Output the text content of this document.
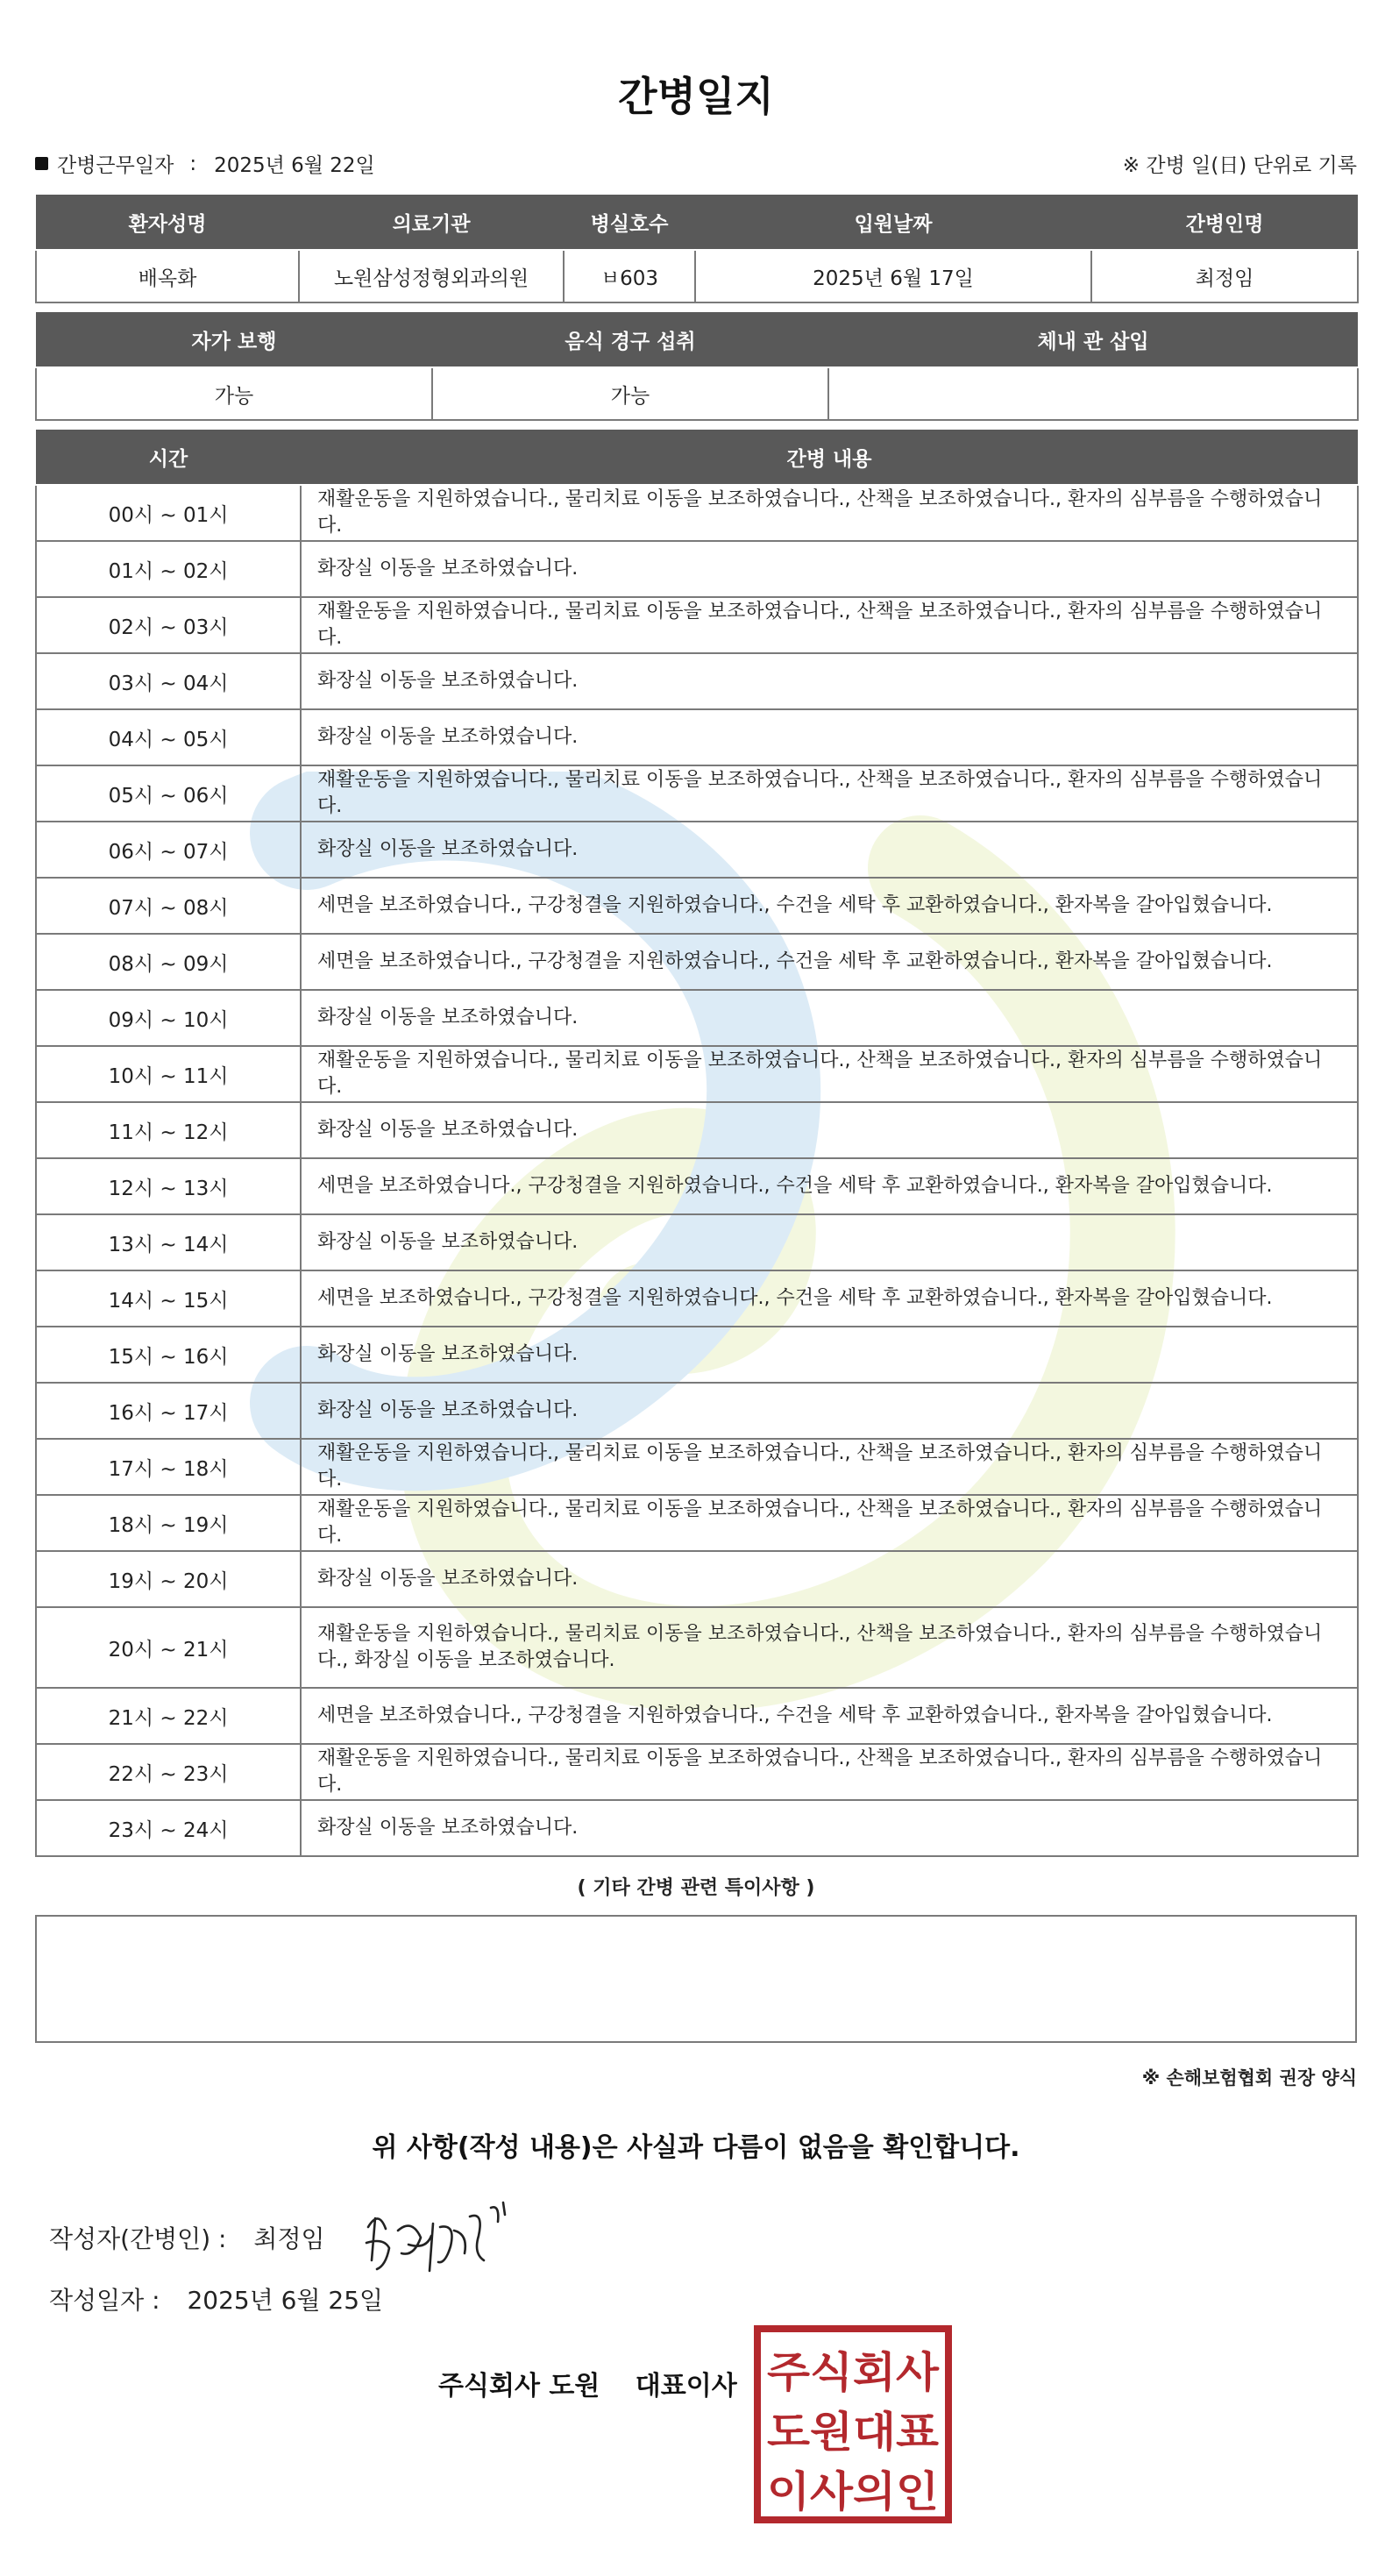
간병일지
간병근무일자 : 2025년 6월 22일	※ 간병 일(日) 단위로 기록
환자성명	의료기관	병실호수	입원날짜	간병인명
배옥화	노원삼성정형외과의원	ㅂ603	2025년 6월 17일	최정임
자가 보행	음식 경구 섭취	체내 관 삽입
가능	가능	
시간	간병 내용
00시 ~ 01시	재활운동을 지원하였습니다., 물리치료 이동을 보조하였습니다., 산책을 보조하였습니다., 환자의 심부름을 수행하였습니다.
01시 ~ 02시	화장실 이동을 보조하였습니다.
02시 ~ 03시	재활운동을 지원하였습니다., 물리치료 이동을 보조하였습니다., 산책을 보조하였습니다., 환자의 심부름을 수행하였습니다.
03시 ~ 04시	화장실 이동을 보조하였습니다.
04시 ~ 05시	화장실 이동을 보조하였습니다.
05시 ~ 06시	재활운동을 지원하였습니다., 물리치료 이동을 보조하였습니다., 산책을 보조하였습니다., 환자의 심부름을 수행하였습니다.
06시 ~ 07시	화장실 이동을 보조하였습니다.
07시 ~ 08시	세면을 보조하였습니다., 구강청결을 지원하였습니다., 수건을 세탁 후 교환하였습니다., 환자복을 갈아입혔습니다.
08시 ~ 09시	세면을 보조하였습니다., 구강청결을 지원하였습니다., 수건을 세탁 후 교환하였습니다., 환자복을 갈아입혔습니다.
09시 ~ 10시	화장실 이동을 보조하였습니다.
10시 ~ 11시	재활운동을 지원하였습니다., 물리치료 이동을 보조하였습니다., 산책을 보조하였습니다., 환자의 심부름을 수행하였습니다.
11시 ~ 12시	화장실 이동을 보조하였습니다.
12시 ~ 13시	세면을 보조하였습니다., 구강청결을 지원하였습니다., 수건을 세탁 후 교환하였습니다., 환자복을 갈아입혔습니다.
13시 ~ 14시	화장실 이동을 보조하였습니다.
14시 ~ 15시	세면을 보조하였습니다., 구강청결을 지원하였습니다., 수건을 세탁 후 교환하였습니다., 환자복을 갈아입혔습니다.
15시 ~ 16시	화장실 이동을 보조하였습니다.
16시 ~ 17시	화장실 이동을 보조하였습니다.
17시 ~ 18시	재활운동을 지원하였습니다., 물리치료 이동을 보조하였습니다., 산책을 보조하였습니다., 환자의 심부름을 수행하였습니다.
18시 ~ 19시	재활운동을 지원하였습니다., 물리치료 이동을 보조하였습니다., 산책을 보조하였습니다., 환자의 심부름을 수행하였습니다.
19시 ~ 20시	화장실 이동을 보조하였습니다.
20시 ~ 21시	재활운동을 지원하였습니다., 물리치료 이동을 보조하였습니다., 산책을 보조하였습니다., 환자의 심부름을 수행하였습니다., 화장실 이동을 보조하였습니다.
21시 ~ 22시	세면을 보조하였습니다., 구강청결을 지원하였습니다., 수건을 세탁 후 교환하였습니다., 환자복을 갈아입혔습니다.
22시 ~ 23시	재활운동을 지원하였습니다., 물리치료 이동을 보조하였습니다., 산책을 보조하였습니다., 환자의 심부름을 수행하였습니다.
23시 ~ 24시	화장실 이동을 보조하였습니다.
( 기타 간병 관련 특이사항 )
※ 손해보험협회 권장 양식
위 사항(작성 내용)은 사실과 다름이 없음을 확인합니다.
작성자(간병인) : 최정임
작성일자 : 2025년 6월 25일
주식회사 도원 대표이사 주식회사
도원대표
이사의인
